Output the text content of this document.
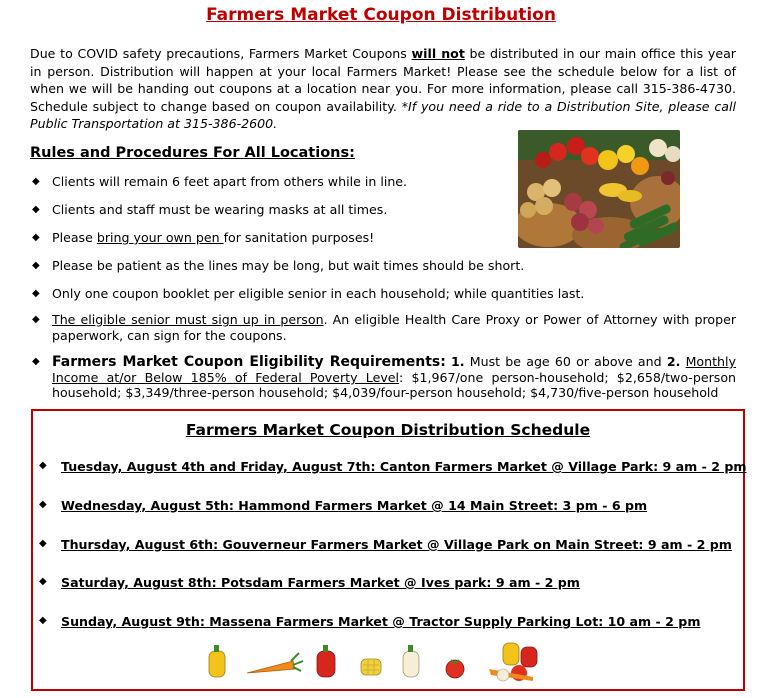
Farmers Market Coupon Distribution
Due to COVID safety precautions, Farmers Market Coupons will not be distributed in our main office this year in person. Distribution will happen at your local Farmers Market! Please see the schedule below for a list of when we will be handing out coupons at a location near you. For more information, please call 315-386-4730. Schedule subject to change based on coupon availability. *If you need a ride to a Distribution Site, please call Public Transportation at 315-386-2600.
Rules and Procedures For All Locations:
◆ Clients will remain 6 feet apart from others while in line.
◆ Clients and staff must be wearing masks at all times.
◆ Please bring your own pen for sanitation purposes!
◆ Please be patient as the lines may be long, but wait times should be short.
◆ Only one coupon booklet per eligible senior in each household; while quantities last.
◆ The eligible senior must sign up in person. An eligible Health Care Proxy or Power of Attorney with proper paperwork, can sign for the coupons.
◆ Farmers Market Coupon Eligibility Requirements: 1. Must be age 60 or above and 2. Monthly Income at/or Below 185% of Federal Poverty Level: $1,967/one person-household; $2,658/two-person household; $3,349/three-person household; $4,039/four-person household; $4,730/five-person household
Farmers Market Coupon Distribution Schedule
◆ Tuesday, August 4th and Friday, August 7th: Canton Farmers Market @ Village Park: 9 am - 2 pm
◆ Wednesday, August 5th: Hammond Farmers Market @ 14 Main Street: 3 pm - 6 pm
◆ Thursday, August 6th: Gouverneur Farmers Market @ Village Park on Main Street: 9 am - 2 pm
◆ Saturday, August 8th: Potsdam Farmers Market @ Ives park: 9 am - 2 pm
◆ Sunday, August 9th: Massena Farmers Market @ Tractor Supply Parking Lot: 10 am - 2 pm
